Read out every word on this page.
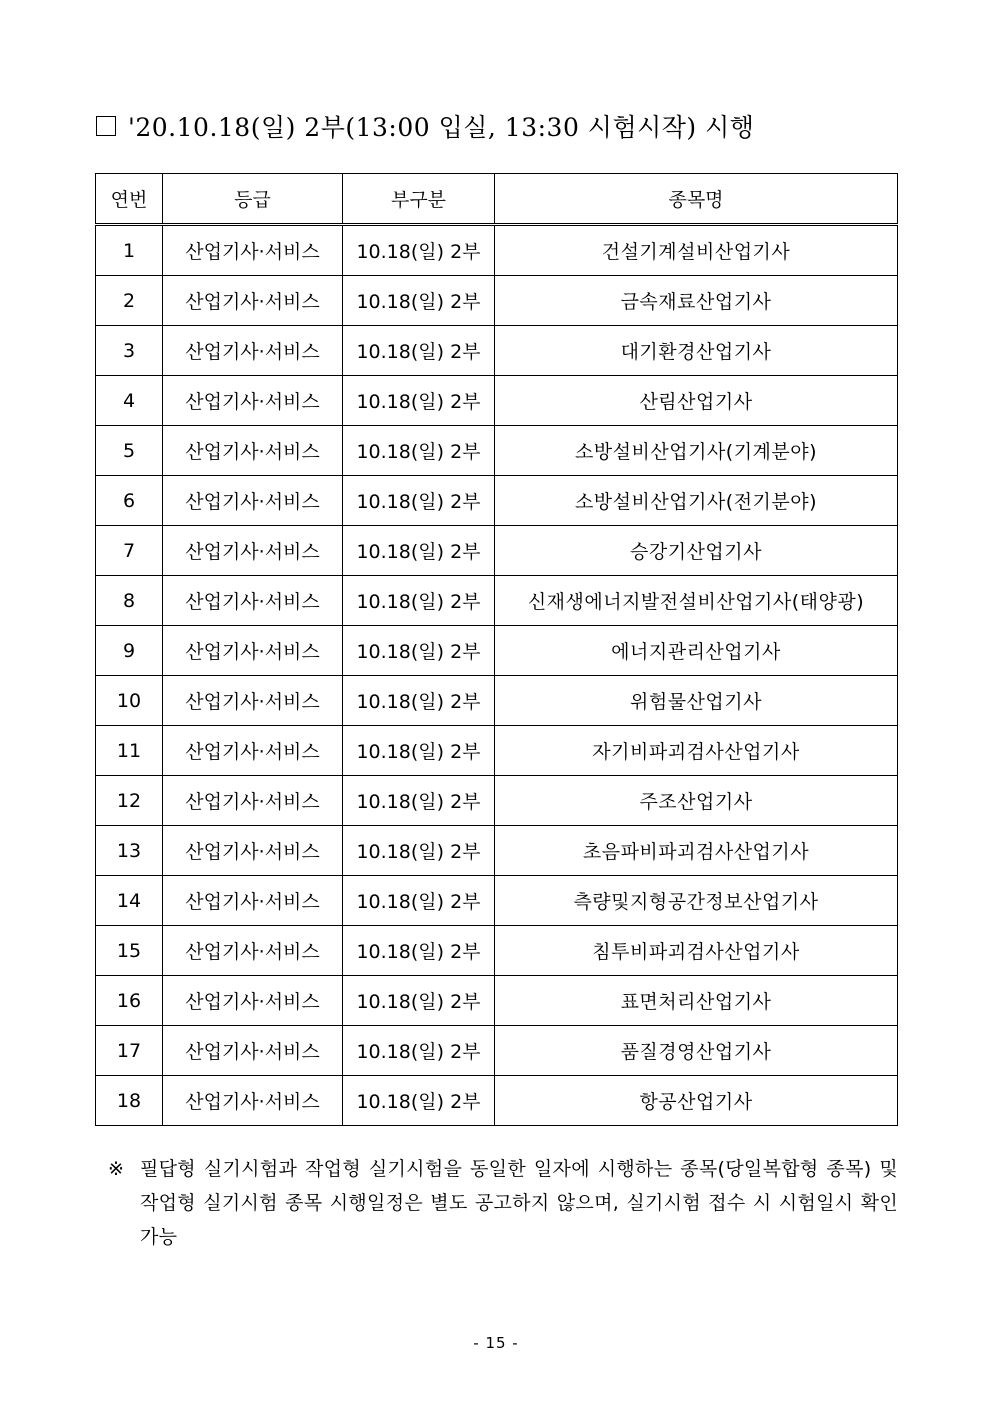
'20.10.18(일) 2부(13:00 입실, 13:30 시험시작) 시행
연번	등급	부구분	종목명
1	산업기사·서비스	10.18(일) 2부	건설기계설비산업기사
2	산업기사·서비스	10.18(일) 2부	금속재료산업기사
3	산업기사·서비스	10.18(일) 2부	대기환경산업기사
4	산업기사·서비스	10.18(일) 2부	산림산업기사
5	산업기사·서비스	10.18(일) 2부	소방설비산업기사(기계분야)
6	산업기사·서비스	10.18(일) 2부	소방설비산업기사(전기분야)
7	산업기사·서비스	10.18(일) 2부	승강기산업기사
8	산업기사·서비스	10.18(일) 2부	신재생에너지발전설비산업기사(태양광)
9	산업기사·서비스	10.18(일) 2부	에너지관리산업기사
10	산업기사·서비스	10.18(일) 2부	위험물산업기사
11	산업기사·서비스	10.18(일) 2부	자기비파괴검사산업기사
12	산업기사·서비스	10.18(일) 2부	주조산업기사
13	산업기사·서비스	10.18(일) 2부	초음파비파괴검사산업기사
14	산업기사·서비스	10.18(일) 2부	측량및지형공간정보산업기사
15	산업기사·서비스	10.18(일) 2부	침투비파괴검사산업기사
16	산업기사·서비스	10.18(일) 2부	표면처리산업기사
17	산업기사·서비스	10.18(일) 2부	품질경영산업기사
18	산업기사·서비스	10.18(일) 2부	항공산업기사
※ 필답형 실기시험과 작업형 실기시험을 동일한 일자에 시행하는 종목(당일복합형 종목) 및 작업형 실기시험 종목 시행일정은 별도 공고하지 않으며, 실기시험 접수 시 시험일시 확인 가능
- 15 -
